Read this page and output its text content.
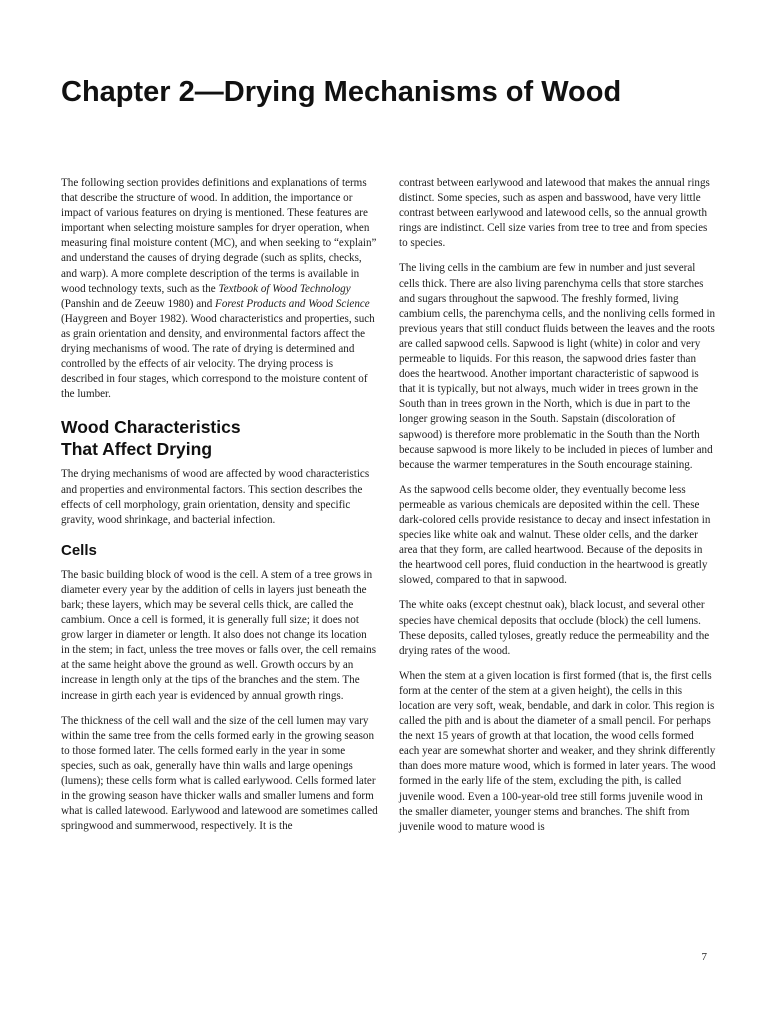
Chapter 2—Drying Mechanisms of Wood

The following section provides definitions and explanations of terms that describe the structure of wood. In addition, the importance or impact of various features on drying is mentioned. These features are important when selecting moisture samples for dryer operation, when measuring final moisture content (MC), and when seeking to “explain” and understand the causes of drying degrade (such as splits, checks, and warp). A more complete description of the terms is available in wood technology texts, such as the Textbook of Wood Technology (Panshin and de Zeeuw 1980) and Forest Products and Wood Science (Haygreen and Boyer 1982). Wood characteristics and properties, such as grain orientation and density, and environmental factors affect the drying mechanisms of wood. The rate of drying is determined and controlled by the effects of air velocity. The drying process is described in four stages, which correspond to the moisture content of the lumber.

Wood Characteristics
That Affect Drying

The drying mechanisms of wood are affected by wood characteristics and properties and environmental factors. This section describes the effects of cell morphology, grain orientation, density and specific gravity, wood shrinkage, and bacterial infection.

Cells

The basic building block of wood is the cell. A stem of a tree grows in diameter every year by the addition of cells in layers just beneath the bark; these layers, which may be several cells thick, are called the cambium. Once a cell is formed, it is generally full size; it does not grow larger in diameter or length. It also does not change its location in the stem; in fact, unless the tree moves or falls over, the cell remains at the same height above the ground as well. Growth occurs by an increase in length only at the tips of the branches and the stem. The increase in girth each year is evidenced by annual growth rings.

The thickness of the cell wall and the size of the cell lumen may vary within the same tree from the cells formed early in the growing season to those formed later. The cells formed early in the year in some species, such as oak, generally have thin walls and large openings (lumens); these cells form what is called earlywood. Cells formed later in the growing season have thicker walls and smaller lumens and form what is called latewood. Earlywood and latewood are sometimes called springwood and summerwood, respectively. It is the

contrast between earlywood and latewood that makes the annual rings distinct. Some species, such as aspen and basswood, have very little contrast between earlywood and latewood cells, so the annual growth rings are indistinct. Cell size varies from tree to tree and from species to species.

The living cells in the cambium are few in number and just several cells thick. There are also living parenchyma cells that store starches and sugars throughout the sapwood. The freshly formed, living cambium cells, the parenchyma cells, and the nonliving cells formed in previous years that still conduct fluids between the leaves and the roots are called sapwood cells. Sapwood is light (white) in color and very permeable to liquids. For this reason, the sapwood dries faster than does the heartwood. Another important characteristic of sapwood is that it is typically, but not always, much wider in trees grown in the South than in trees grown in the North, which is due in part to the longer growing season in the South. Sapstain (discoloration of sapwood) is therefore more problematic in the South than the North because sapwood is more likely to be included in pieces of lumber and because the warmer temperatures in the South encourage staining.

As the sapwood cells become older, they eventually become less permeable as various chemicals are deposited within the cell. These dark-colored cells provide resistance to decay and insect infestation in species like white oak and walnut. These older cells, and the darker area that they form, are called heartwood. Because of the deposits in the heartwood cell pores, fluid conduction in the heartwood is greatly slowed, compared to that in sapwood.

The white oaks (except chestnut oak), black locust, and several other species have chemical deposits that occlude (block) the cell lumens. These deposits, called tyloses, greatly reduce the permeability and the drying rates of the wood.

When the stem at a given location is first formed (that is, the first cells form at the center of the stem at a given height), the cells in this location are very soft, weak, bendable, and dark in color. This region is called the pith and is about the diameter of a small pencil. For perhaps the next 15 years of growth at that location, the wood cells formed each year are somewhat shorter and weaker, and they shrink differently than does more mature wood, which is formed in later years. The wood formed in the early life of the stem, excluding the pith, is called juvenile wood. Even a 100-year-old tree still forms juvenile wood in the smaller diameter, younger stems and branches. The shift from juvenile wood to mature wood is

7
